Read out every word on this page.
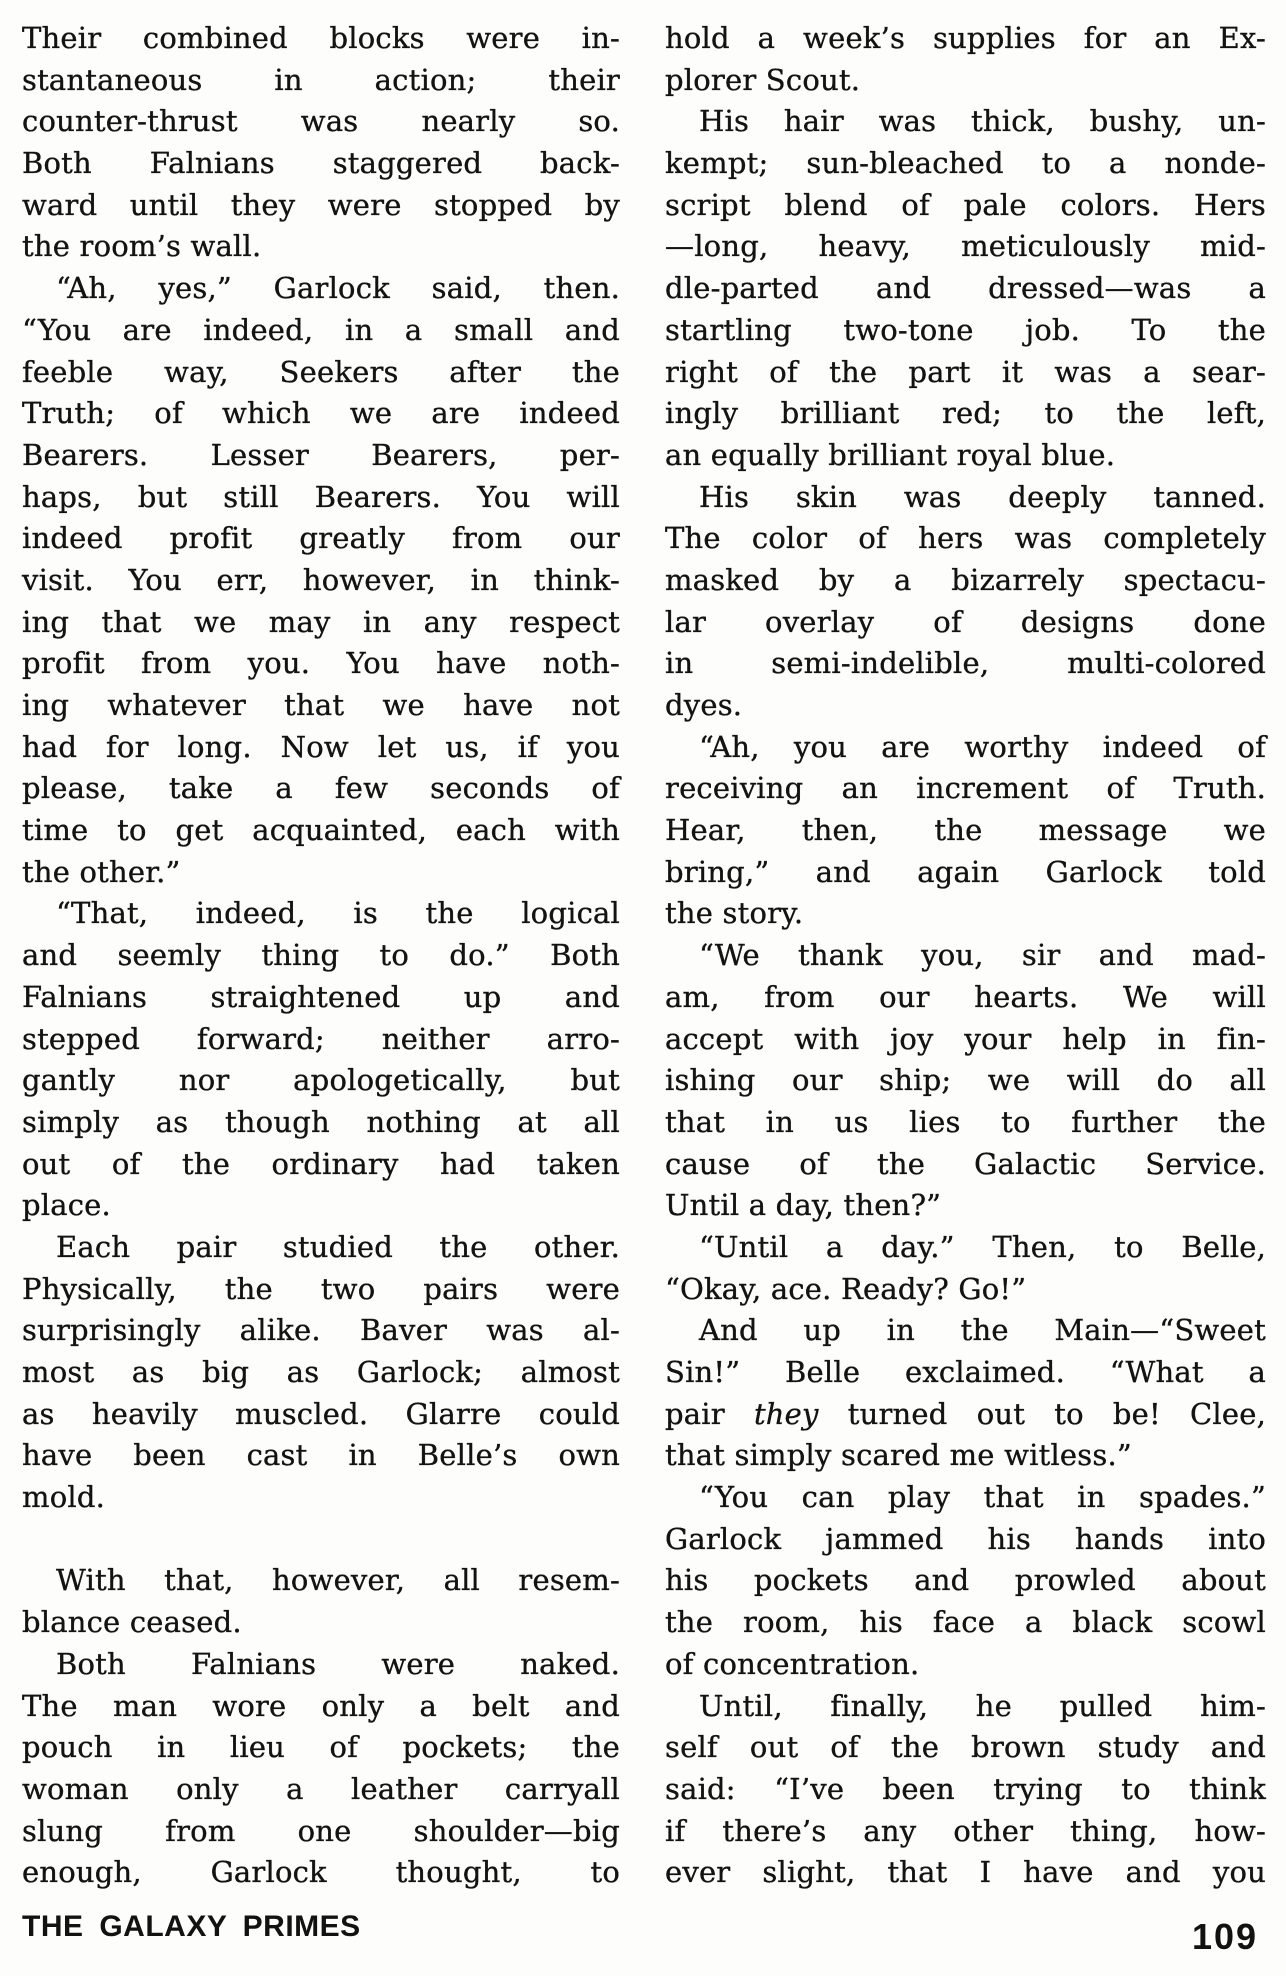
Their combined blocks were in-
stantaneous in action; their
counter-thrust was nearly so.
Both Falnians staggered back-
ward until they were stopped by
the room’s wall.
“Ah, yes,” Garlock said, then.
“You are indeed, in a small and
feeble way, Seekers after the
Truth; of which we are indeed
Bearers. Lesser Bearers, per-
haps, but still Bearers. You will
indeed profit greatly from our
visit. You err, however, in think-
ing that we may in any respect
profit from you. You have noth-
ing whatever that we have not
had for long. Now let us, if you
please, take a few seconds of
time to get acquainted, each with
the other.”
“That, indeed, is the logical
and seemly thing to do.” Both
Falnians straightened up and
stepped forward; neither arro-
gantly nor apologetically, but
simply as though nothing at all
out of the ordinary had taken
place.
Each pair studied the other.
Physically, the two pairs were
surprisingly alike. Baver was al-
most as big as Garlock; almost
as heavily muscled. Glarre could
have been cast in Belle’s own
mold.
With that, however, all resem-
blance ceased.
Both Falnians were naked.
The man wore only a belt and
pouch in lieu of pockets; the
woman only a leather carryall
slung from one shoulder—big
enough, Garlock thought, to
hold a week’s supplies for an Ex-
plorer Scout.
His hair was thick, bushy, un-
kempt; sun-bleached to a nonde-
script blend of pale colors. Hers
—long, heavy, meticulously mid-
dle-parted and dressed—was a
startling two-tone job. To the
right of the part it was a sear-
ingly brilliant red; to the left,
an equally brilliant royal blue.
His skin was deeply tanned.
The color of hers was completely
masked by a bizarrely spectacu-
lar overlay of designs done
in semi-indelible, multi-colored
dyes.
“Ah, you are worthy indeed of
receiving an increment of Truth.
Hear, then, the message we
bring,” and again Garlock told
the story.
“We thank you, sir and mad-
am, from our hearts. We will
accept with joy your help in fin-
ishing our ship; we will do all
that in us lies to further the
cause of the Galactic Service.
Until a day, then?”
“Until a day.” Then, to Belle,
“Okay, ace. Ready? Go!”
And up in the Main—“Sweet
Sin!” Belle exclaimed. “What a
pair they turned out to be! Clee,
that simply scared me witless.”
“You can play that in spades.”
Garlock jammed his hands into
his pockets and prowled about
the room, his face a black scowl
of concentration.
Until, finally, he pulled him-
self out of the brown study and
said: “I’ve been trying to think
if there’s any other thing, how-
ever slight, that I have and you
THE GALAXY PRIMES	109
